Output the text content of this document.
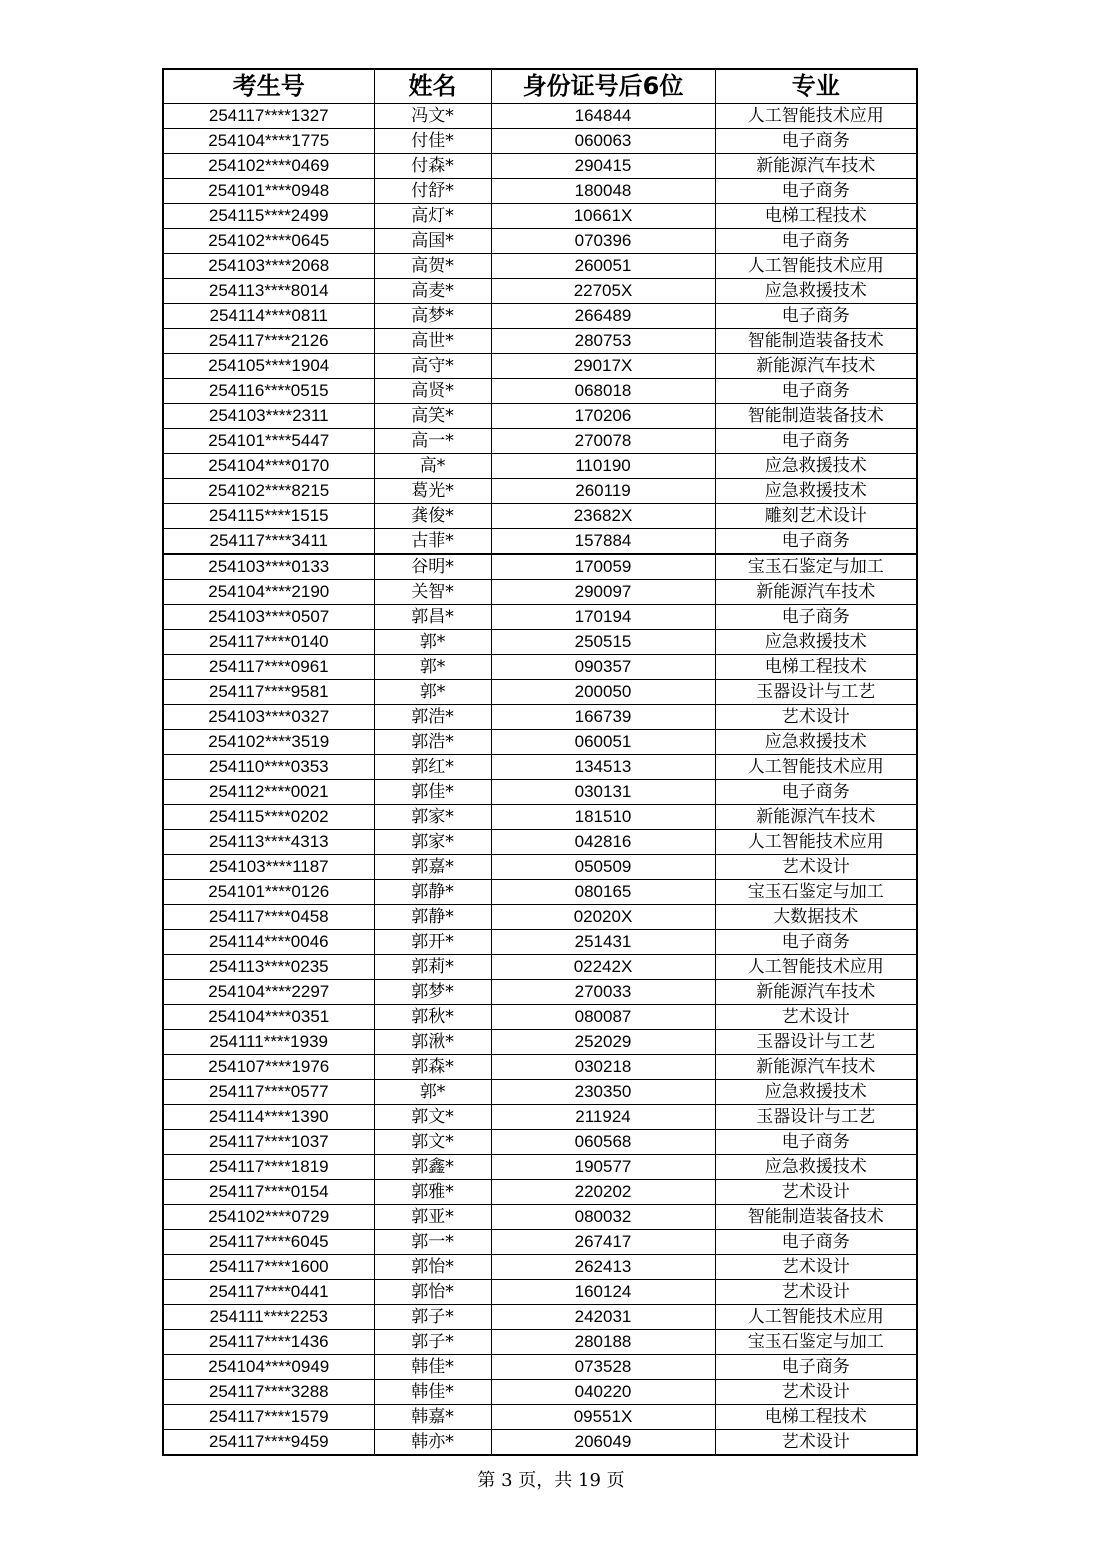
考生号	姓名	身份证号后6位	专业
254117****1327	冯文*	164844	人工智能技术应用
254104****1775	付佳*	060063	电子商务
254102****0469	付森*	290415	新能源汽车技术
254101****0948	付舒*	180048	电子商务
254115****2499	高灯*	10661X	电梯工程技术
254102****0645	高国*	070396	电子商务
254103****2068	高贺*	260051	人工智能技术应用
254113****8014	高麦*	22705X	应急救援技术
254114****0811	高梦*	266489	电子商务
254117****2126	高世*	280753	智能制造装备技术
254105****1904	高守*	29017X	新能源汽车技术
254116****0515	高贤*	068018	电子商务
254103****2311	高笑*	170206	智能制造装备技术
254101****5447	高一*	270078	电子商务
254104****0170	高*	110190	应急救援技术
254102****8215	葛光*	260119	应急救援技术
254115****1515	龚俊*	23682X	雕刻艺术设计
254117****3411	古菲*	157884	电子商务
254103****0133	谷明*	170059	宝玉石鉴定与加工
254104****2190	关智*	290097	新能源汽车技术
254103****0507	郭昌*	170194	电子商务
254117****0140	郭*	250515	应急救援技术
254117****0961	郭*	090357	电梯工程技术
254117****9581	郭*	200050	玉器设计与工艺
254103****0327	郭浩*	166739	艺术设计
254102****3519	郭浩*	060051	应急救援技术
254110****0353	郭红*	134513	人工智能技术应用
254112****0021	郭佳*	030131	电子商务
254115****0202	郭家*	181510	新能源汽车技术
254113****4313	郭家*	042816	人工智能技术应用
254103****1187	郭嘉*	050509	艺术设计
254101****0126	郭静*	080165	宝玉石鉴定与加工
254117****0458	郭静*	02020X	大数据技术
254114****0046	郭开*	251431	电子商务
254113****0235	郭莉*	02242X	人工智能技术应用
254104****2297	郭梦*	270033	新能源汽车技术
254104****0351	郭秋*	080087	艺术设计
254111****1939	郭湫*	252029	玉器设计与工艺
254107****1976	郭森*	030218	新能源汽车技术
254117****0577	郭*	230350	应急救援技术
254114****1390	郭文*	211924	玉器设计与工艺
254117****1037	郭文*	060568	电子商务
254117****1819	郭鑫*	190577	应急救援技术
254117****0154	郭雅*	220202	艺术设计
254102****0729	郭亚*	080032	智能制造装备技术
254117****6045	郭一*	267417	电子商务
254117****1600	郭怡*	262413	艺术设计
254117****0441	郭怡*	160124	艺术设计
254111****2253	郭子*	242031	人工智能技术应用
254117****1436	郭子*	280188	宝玉石鉴定与加工
254104****0949	韩佳*	073528	电子商务
254117****3288	韩佳*	040220	艺术设计
254117****1579	韩嘉*	09551X	电梯工程技术
254117****9459	韩亦*	206049	艺术设计
第 3 页，共 19 页
